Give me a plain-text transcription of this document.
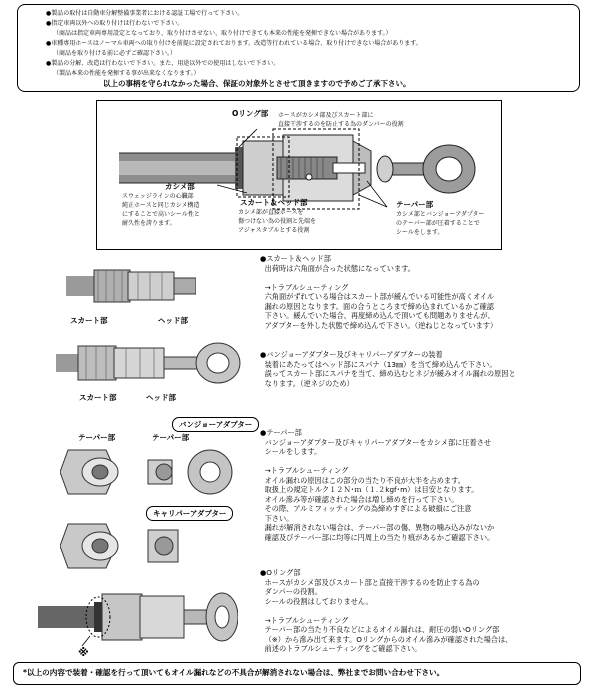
●製品の取付は自動車分解整備事業者における認証工場で行って下さい。
●指定車両以外への取り付けは行わないで下さい。
（商品は指定車両専用設定となっており、取り付けさせない、取り付けできても本来の性能を発揮できない場合があります。）
●車種専用ホースはノーマル車両への取り付けを前提に設定されております。改造等行われている場合、取り付けできない場合があります。
（商品を取り付ける前に必ずご確認下さい。）
●製品の分解、改造は行わないで下さい。また、用途以外での使用はしないで下さい。
（製品本来の性能を発揮する事が出来なくなります。）
以上の事柄を守られなかった場合、保証の対象外とさせて頂きますので予めご了承下さい。
Oリング部 ホースがカシメ部及びスカート部に
直接干渉するのを防止する為のダンパーの役割
カシメ部
スウェッジラインの心臓部
純正ホースと同じカシメ構造
にすることで高いシール性と
耐久性を誇ります。
スカート＆ヘッド部
カシメ部が直接ホースを
傷つけない為の役割と先端を
アジャスタブルとする役割
テーパー部
カシメ部とバンジョーアダプター
のテーパー部が圧着することで
シールをします。
スカート部	ヘッド部
スカート部	ヘッド部
バンジョーアダプター
テーパー部	テーパー部
キャリパーアダプター
※
●スカート＆ヘッド部
出荷時は六角面が合った状態になっています。

→トラブルシューティング
六角面がずれている場合はスカート部が緩んでいる可能性が高くオイル
漏れの原因となります。面の合うところまで締め込まれているかご確認
下さい。緩んでいた場合、再度締め込んで頂いても問題ありませんが、
アダプターを外した状態で締め込んで下さい。（逆ねじとなっています）
●バンジョーアダプター及びキャリパーアダプターの装着
装着にあたってはヘッド部にスパナ（13㎜）を当て締め込んで下さい。
誤ってスカート部にスパナを当て、締め込むとネジが緩みオイル漏れの原因と
なります。（逆ネジのため）
●テーパー部
バンジョーアダプター及びキャリパーアダプターをカシメ部に圧着させ
シールをします。

→トラブルシューティング
オイル漏れの原因はこの部分の当たり不良が大半を占めます。
取扱上の規定トルク１２Ｎ･ｍ（１.２kgf･m）は目安となります。
オイル滲み等が確認された場合は増し締めを行って下さい。
その際、アルミフィッティングの為締めすぎによる破損にご注意
下さい。
漏れが解消されない場合は、テーパー部の傷、異物の噛み込みがないか
確認及びテーパー部に均等に円周上の当たり痕があるかご確認下さい。
●Oリング部
ホースがカシメ部及びスカート部と直接干渉するのを防止する為の
ダンパーの役割。
シールの役割はしておりません。

→トラブルシューティング
テーパー部の当たり不良などによるオイル漏れは、耐圧の弱いOリング部
（※）から滲み出て来ます。Oリングからのオイル滲みが確認された場合は、
前述のトラブルシューティングをご確認下さい。
*以上の内容で装着・確認を行って頂いてもオイル漏れなどの不具合が解消されない場合は、弊社までお問い合わせ下さい。
